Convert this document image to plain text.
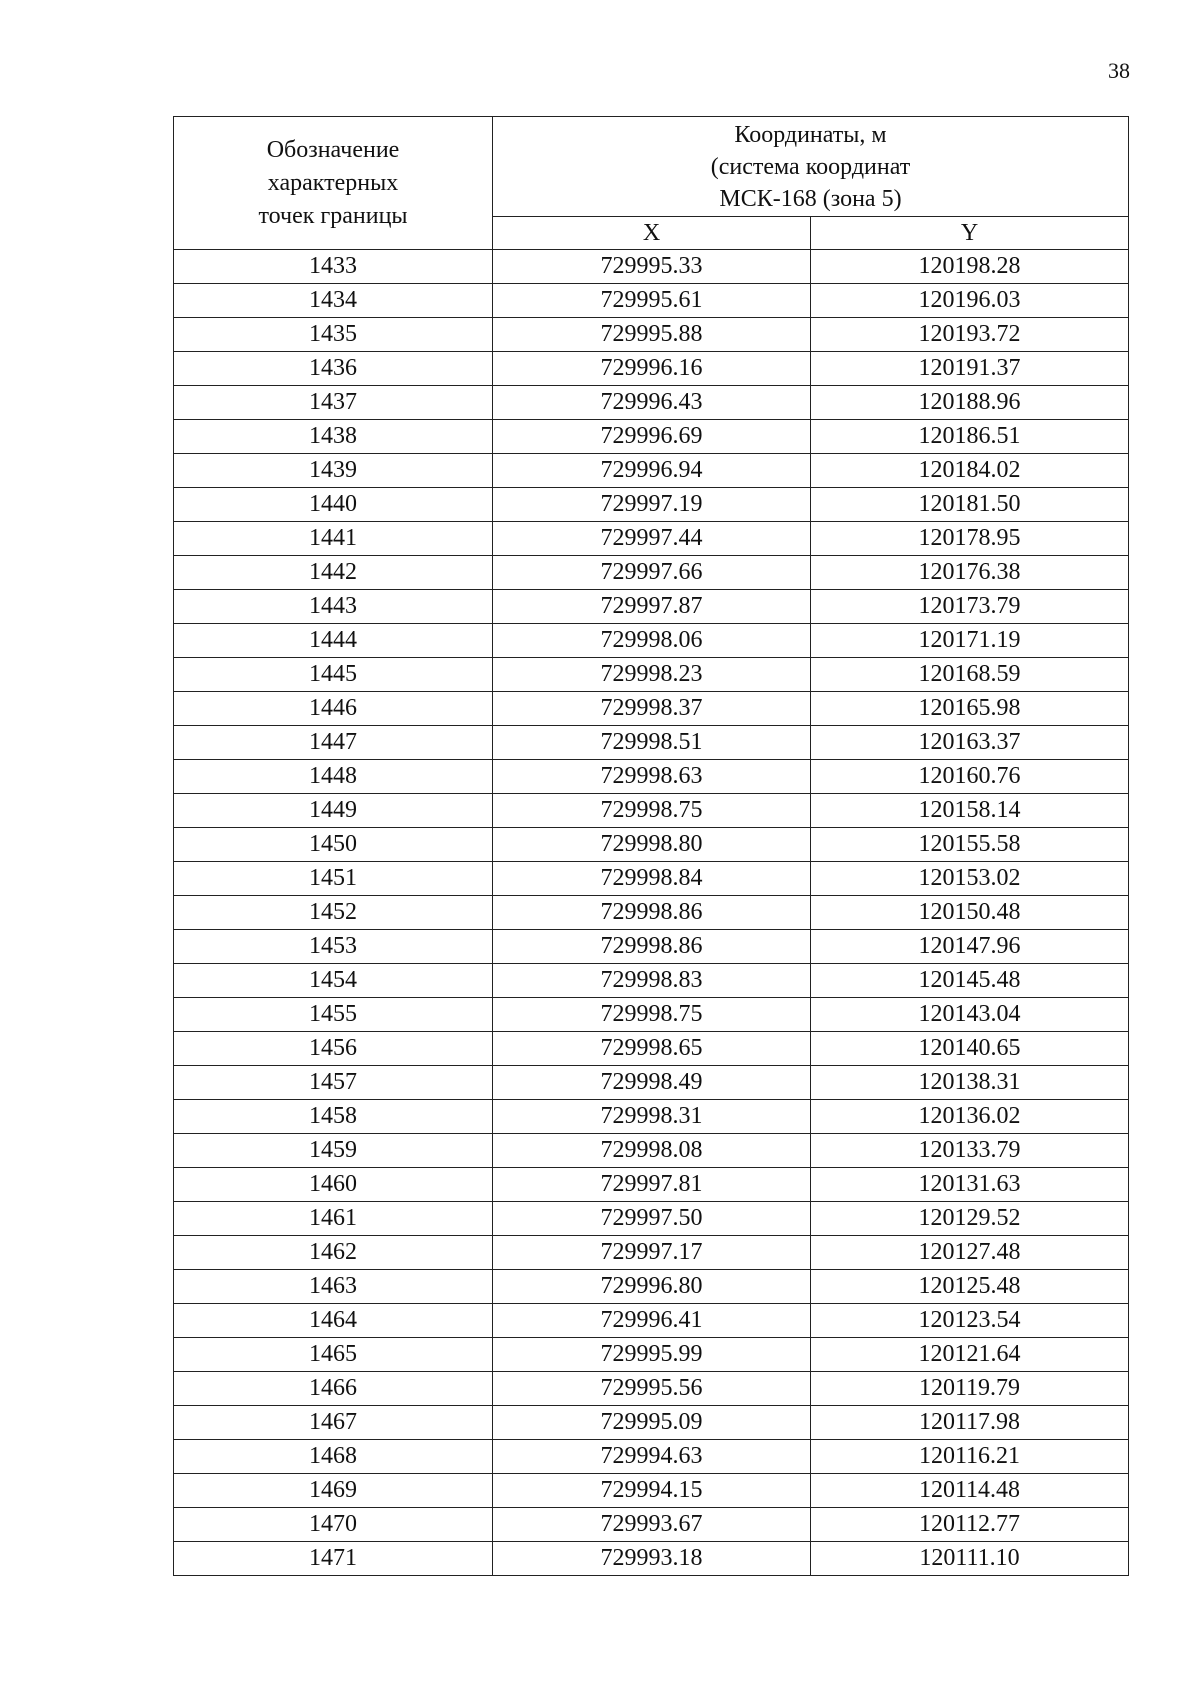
38
Обозначение
характерных
точек границы	Координаты, м
(система координат
МСК-168 (зона 5)	

	X	Y
1433	729995.33	120198.28
1434	729995.61	120196.03
1435	729995.88	120193.72
1436	729996.16	120191.37
1437	729996.43	120188.96
1438	729996.69	120186.51
1439	729996.94	120184.02
1440	729997.19	120181.50
1441	729997.44	120178.95
1442	729997.66	120176.38
1443	729997.87	120173.79
1444	729998.06	120171.19
1445	729998.23	120168.59
1446	729998.37	120165.98
1447	729998.51	120163.37
1448	729998.63	120160.76
1449	729998.75	120158.14
1450	729998.80	120155.58
1451	729998.84	120153.02
1452	729998.86	120150.48
1453	729998.86	120147.96
1454	729998.83	120145.48
1455	729998.75	120143.04
1456	729998.65	120140.65
1457	729998.49	120138.31
1458	729998.31	120136.02
1459	729998.08	120133.79
1460	729997.81	120131.63
1461	729997.50	120129.52
1462	729997.17	120127.48
1463	729996.80	120125.48
1464	729996.41	120123.54
1465	729995.99	120121.64
1466	729995.56	120119.79
1467	729995.09	120117.98
1468	729994.63	120116.21
1469	729994.15	120114.48
1470	729993.67	120112.77
1471	729993.18	120111.10
